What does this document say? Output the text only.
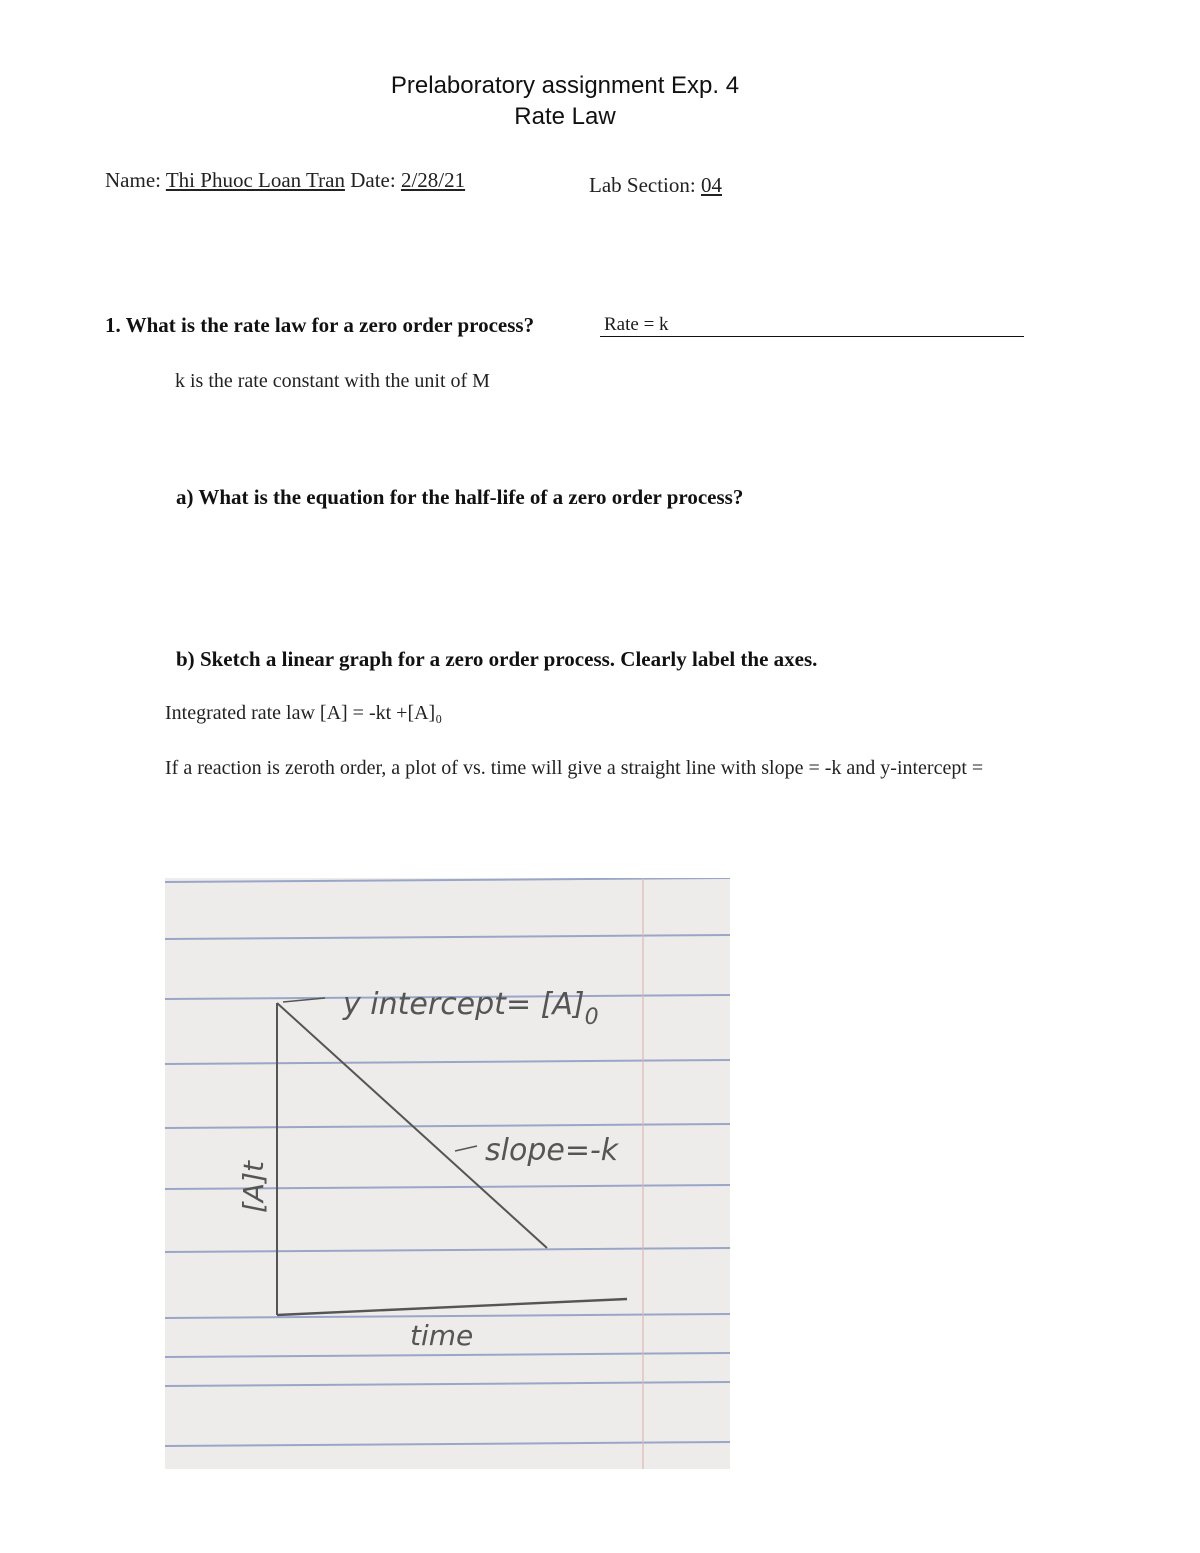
Prelaboratory assignment Exp. 4
Rate Law
Name: Thi Phuoc Loan Tran Date: 2/28/21	Lab Section: 04
1. What is the rate law for a zero order process?	Rate = k
k is the rate constant with the unit of M
a) What is the equation for the half-life of a zero order process?
b) Sketch a linear graph for a zero order process. Clearly label the axes.
Integrated rate law [A] = -kt +[A]₀
If a reaction is zeroth order, a plot of vs. time will give a straight line with slope = -k and y-intercept =
y intercept= $[A]_0$
slope=-k
[A]t
time
